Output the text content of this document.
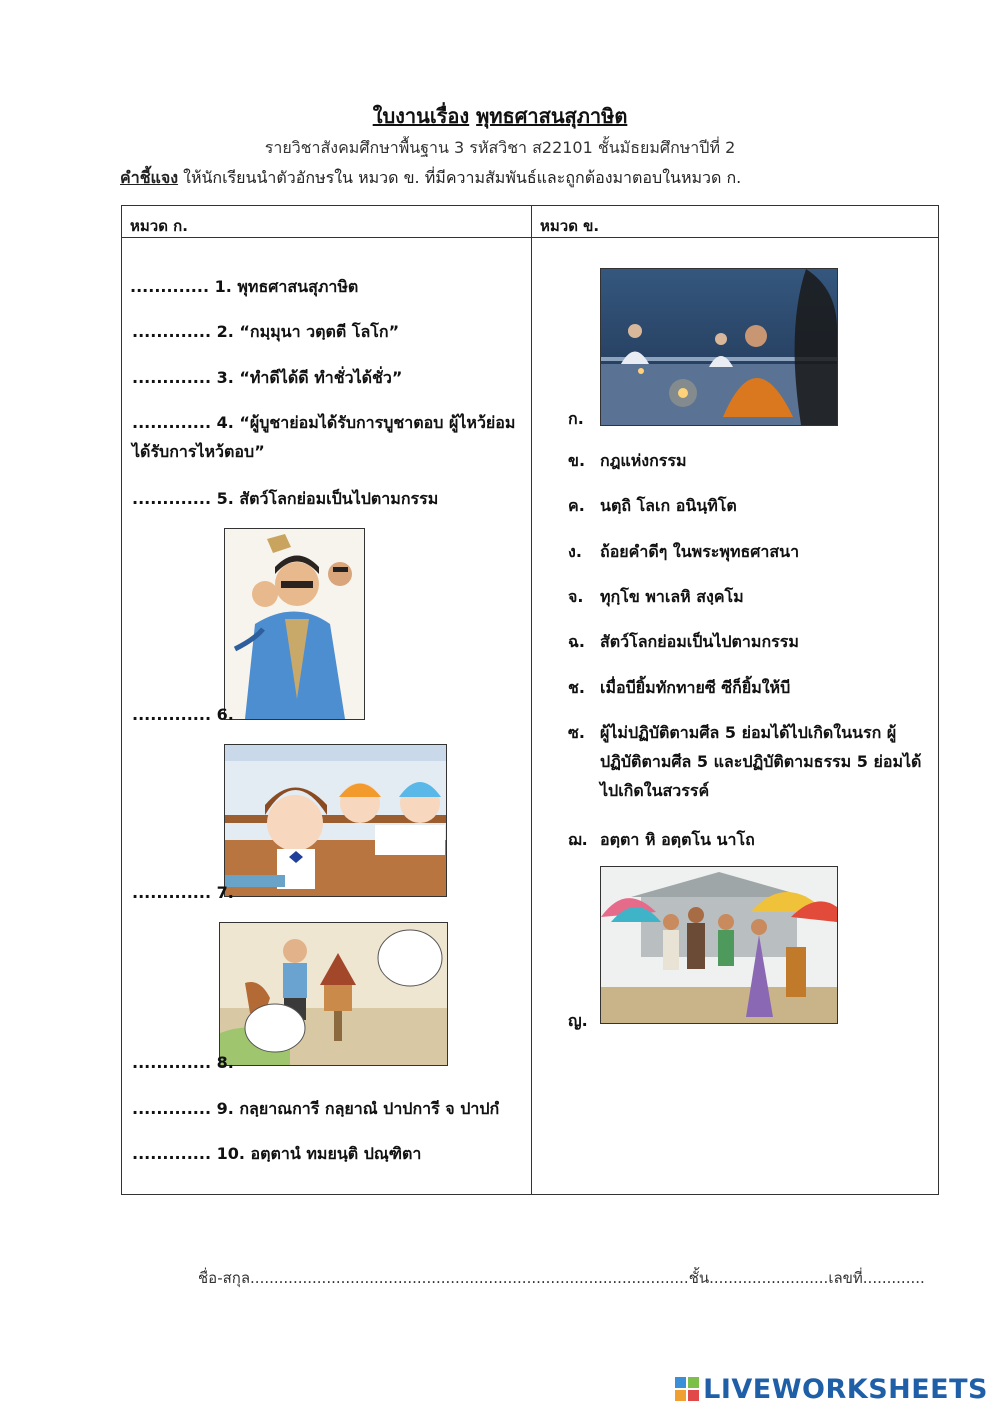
ใบงานเรื่อง พุทธศาสนสุภาษิต
รายวิชาสังคมศึกษาพื้นฐาน 3 รหัสวิชา ส22101 ชั้นมัธยมศึกษาปีที่ 2
คำชี้แจง ให้นักเรียนนำตัวอักษรใน หมวด ข. ที่มีความสัมพันธ์และถูกต้องมาตอบในหมวด ก.
หมวด ก.	หมวด ข.
............. 1. พุทธศาสนสุภาษิต
............. 2. “กมฺมุนา วตฺตตี โลโก”
............. 3. “ทำดีได้ดี ทำชั่วได้ชั่ว”
............. 4. “ผู้บูชาย่อมได้รับการบูชาตอบ ผู้ไหว้ย่อมได้รับการไหว้ตอบ”
............. 5. สัตว์โลกย่อมเป็นไปตามกรรม
............. 6.
............. 7.
............. 8.
............. 9. กลฺยาณการี กลฺยาณํ ปาปการี จ ปาปกํ
............. 10. อตฺตานํ ทมยนฺติ ปณฺฑิตา
ก.
ข. กฎแห่งกรรม
ค. นตฺถิ โลเก อนินฺทิโต
ง. ถ้อยคำดีๆ ในพระพุทธศาสนา
จ. ทุกฺโข พาเลหิ สงฺคโม
ฉ. สัตว์โลกย่อมเป็นไปตามกรรม
ช. เมื่อบียิ้มทักทายซี ซีก็ยิ้มให้บี
ซ. ผู้ไม่ปฏิบัติตามศีล 5 ย่อมได้ไปเกิดในนรก ผู้ปฏิบัติตามศีล 5 และปฏิบัติตามธรรม 5 ย่อมได้ไปเกิดในสวรรค์
ฌ. อตฺตา หิ อตฺตโน นาโถ
ญ.
ชื่อ-สกุล............................................................................................ชั้น.........................เลขที่.............
LIVEWORKSHEETS
